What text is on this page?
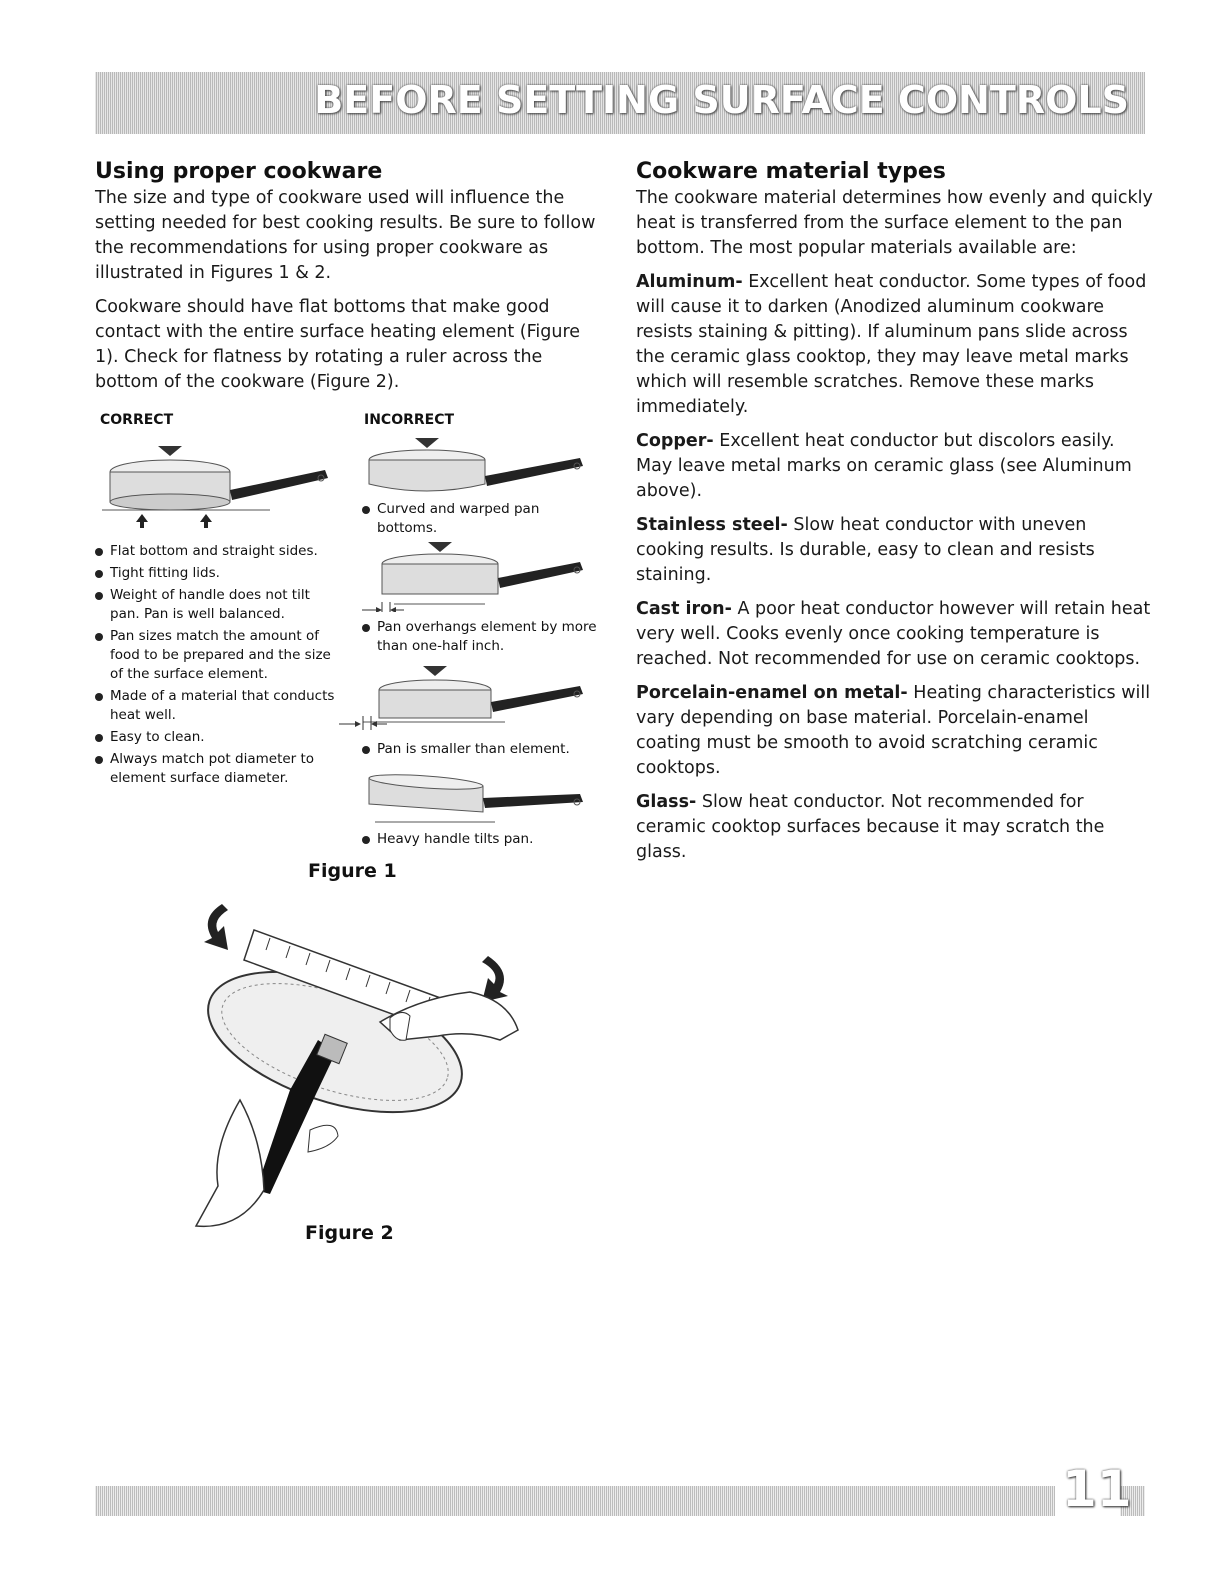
BEFORE SETTING SURFACE CONTROLS
Using proper cookware

The size and type of cookware used will influence the setting needed for best cooking results. Be sure to follow the recommendations for using proper cookware as illustrated in Figures 1 & 2.

Cookware should have flat bottoms that make good contact with the entire surface heating element (Figure 1). Check for flatness by rotating a ruler across the bottom of the cookware (Figure 2).

CORRECT	INCORRECT
Flat bottom and straight sides.
Tight fitting lids.
Weight of handle does not tilt pan. Pan is well balanced.
Pan sizes match the amount of food to be prepared and the size of the surface element.
Made of a material that conducts heat well.
Easy to clean.
Always match pot diameter to element surface diameter.
Curved and warped pan bottoms.
Pan overhangs element by more than one-half inch.
Pan is smaller than element.
Heavy handle tilts pan.
Figure 1
Figure 2
Cookware material types

The cookware material determines how evenly and quickly heat is transferred from the surface element to the pan bottom. The most popular materials available are:

Aluminum- Excellent heat conductor. Some types of food will cause it to darken (Anodized aluminum cookware resists staining & pitting). If aluminum pans slide across the ceramic glass cooktop, they may leave metal marks which will resemble scratches. Remove these marks immediately.

Copper- Excellent heat conductor but discolors easily. May leave metal marks on ceramic glass (see Aluminum above).

Stainless steel- Slow heat conductor with uneven cooking results. Is durable, easy to clean and resists staining.

Cast iron- A poor heat conductor however will retain heat very well. Cooks evenly once cooking temperature is reached. Not recommended for use on ceramic cooktops.

Porcelain-enamel on metal- Heating characteristics will vary depending on base material. Porcelain-enamel coating must be smooth to avoid scratching ceramic cooktops.

Glass- Slow heat conductor. Not recommended for ceramic cooktop surfaces because it may scratch the glass.

11
